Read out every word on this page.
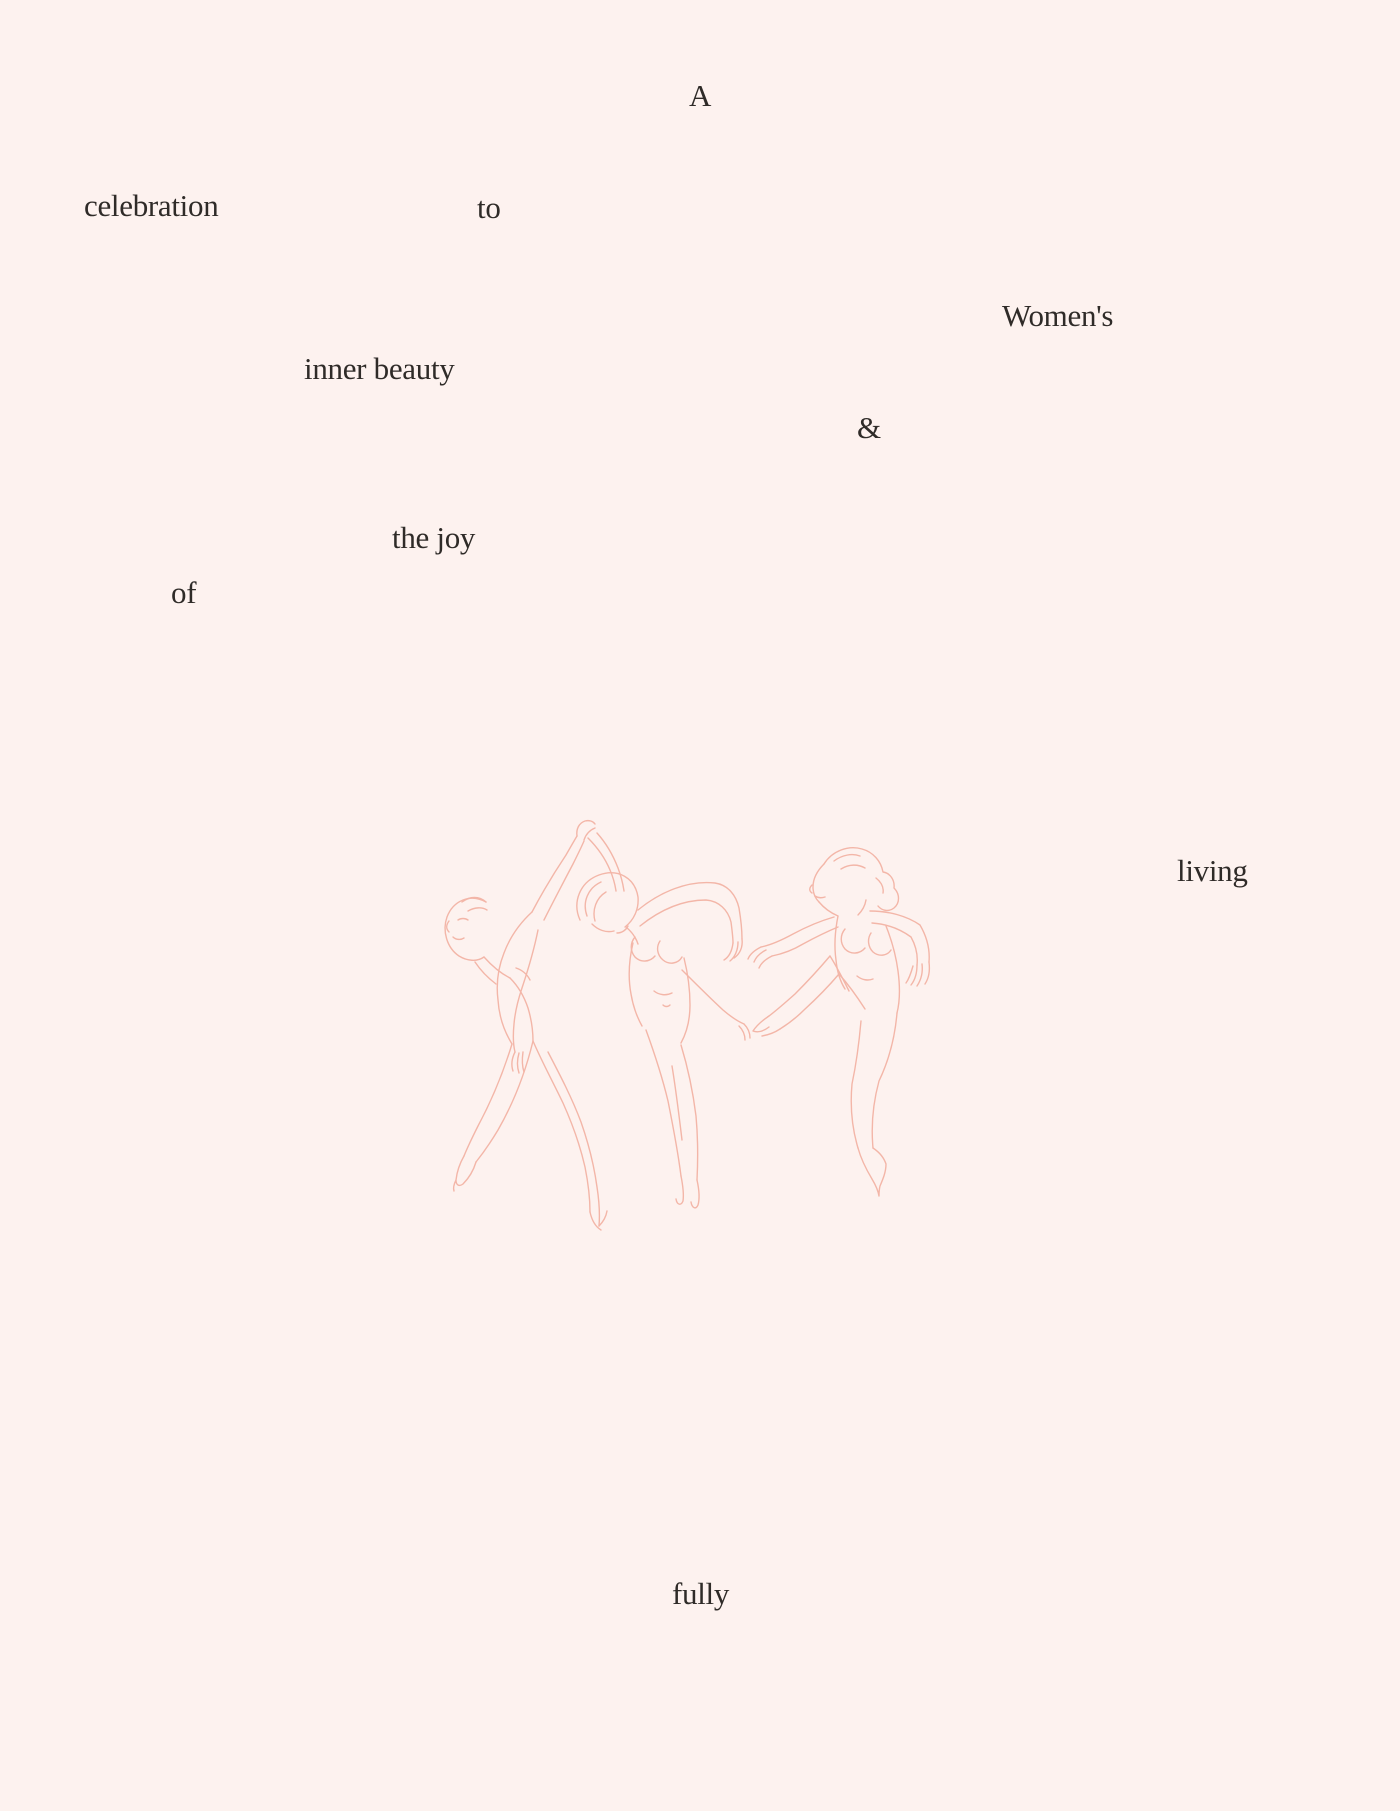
A
celebration	to
Women's
inner beauty
&
the joy
of
living
fully
